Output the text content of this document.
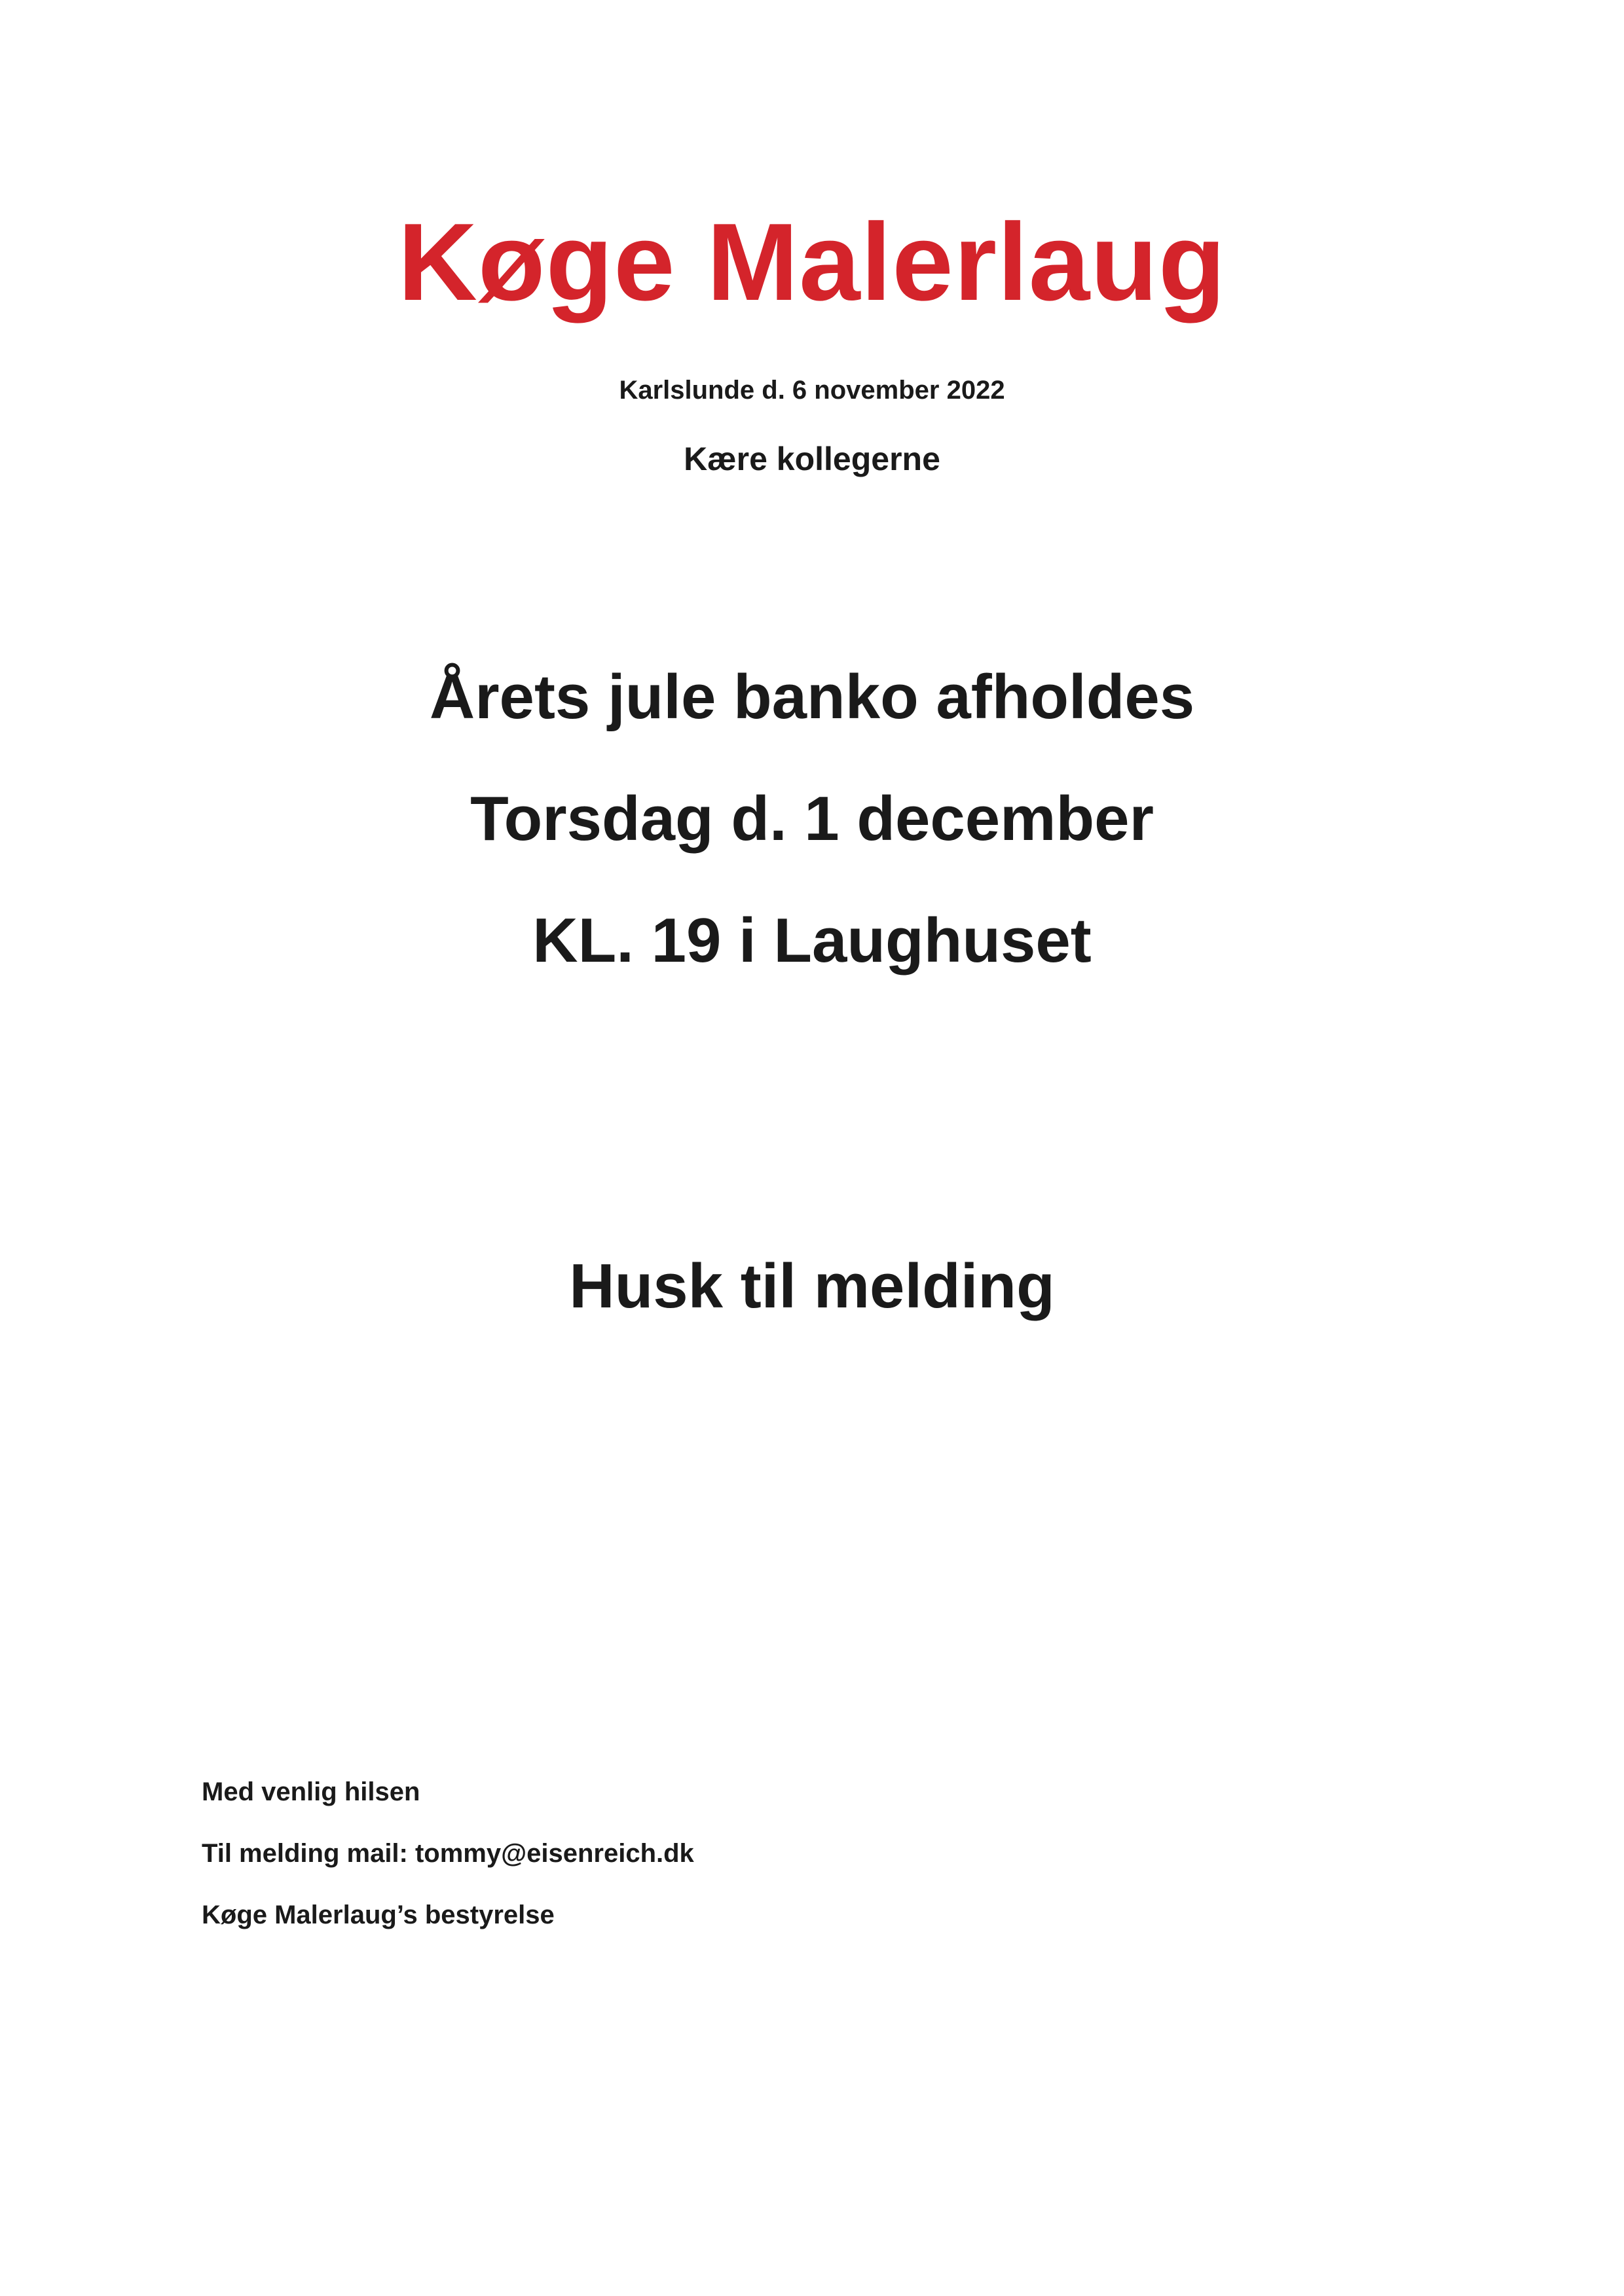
Køge Malerlaug

Karlslunde d. 6 november 2022

Kære kollegerne

Årets jule banko afholdes
Torsdag d. 1 december
KL. 19 i Laughuset

Husk til melding

Med venlig hilsen
Til melding mail: tommy@eisenreich.dk
Køge Malerlaug’s bestyrelse
